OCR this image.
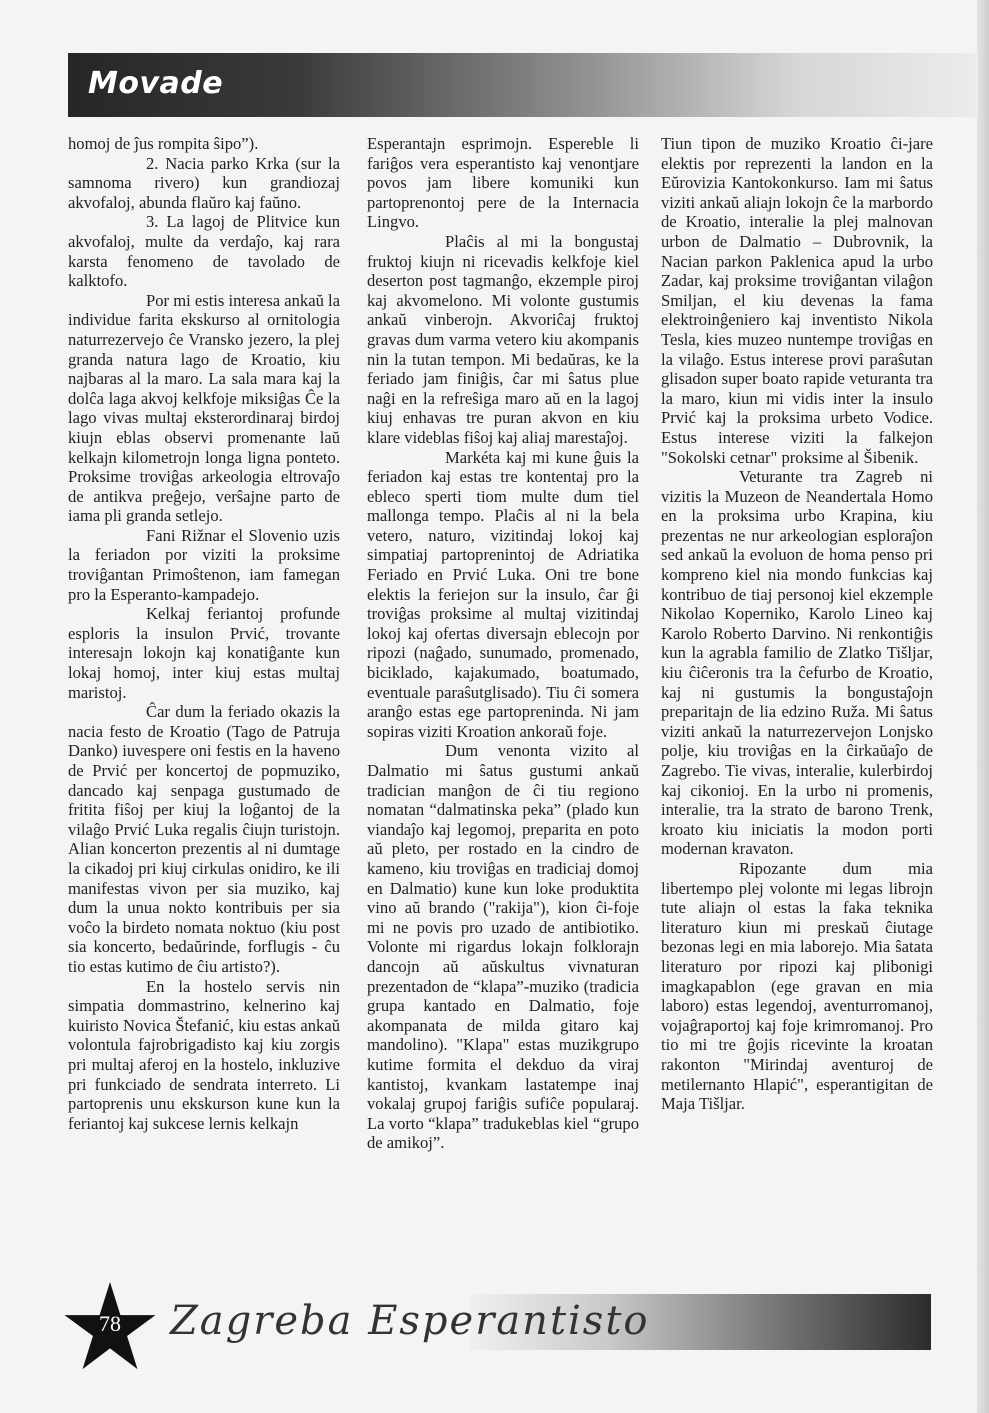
Movade

homoj de ĵus rompita ŝipo”).

2. Nacia parko Krka (sur la samnoma rivero) kun grandiozaj akvofaloj, abunda flaŭro kaj faŭno.

3. La lagoj de Plitvice kun akvofaloj, multe da verdaĵo, kaj rara karsta fenomeno de tavolado de kalktofo.

Por mi estis interesa ankaŭ la individue farita ekskurso al ornitologia naturrezervejo ĉe Vransko jezero, la plej granda natura lago de Kroatio, kiu najbaras al la maro. La sala mara kaj la dolĉa laga akvoj kelkfoje miksiĝas Ĉe la lago vivas multaj eksterordinaraj birdoj kiujn eblas observi promenante laŭ kelkajn kilometrojn longa ligna ponteto. Proksime troviĝas arkeologia eltrovaĵo de antikva preĝejo, verŝajne parto de iama pli granda setlejo.

Fani Rižnar el Slovenio uzis la feriadon por viziti la proksime troviĝantan Primoŝtenon, iam famegan pro la Esperanto-kampadejo.

Kelkaj feriantoj profunde esploris la insulon Prvić, trovante interesajn lokojn kaj konatiĝante kun lokaj homoj, inter kiuj estas multaj maristoj.

Ĉar dum la feriado okazis la nacia festo de Kroatio (Tago de Patruja Danko) iuvespere oni festis en la haveno de Prvić per koncertoj de popmuziko, dancado kaj senpaga gustumado de fritita fiŝoj per kiuj la loĝantoj de la vilaĝo Prvić Luka regalis ĉiujn turistojn. Alian koncerton prezentis al ni dumtage la cikadoj pri kiuj cirkulas onidiro, ke ili manifestas vivon per sia muziko, kaj dum la unua nokto kontribuis per sia voĉo la birdeto nomata noktuo (kiu post sia koncerto, bedaŭrinde, forflugis - ĉu tio estas kutimo de ĉiu artisto?).

En la hostelo servis nin simpatia dommastrino, kelnerino kaj kuiristo Novica Štefanić, kiu estas ankaŭ volontula fajrobrigadisto kaj kiu zorgis pri multaj aferoj en la hostelo, inkluzive pri funkciado de sendrata interreto. Li partoprenis unu ekskurson kune kun la feriantoj kaj sukcese lernis kelkajn

Esperantajn esprimojn. Espereble li fariĝos vera esperantisto kaj venontjare povos jam libere komuniki kun partoprenontoj pere de la Internacia Lingvo.

Plaĉis al mi la bongustaj fruktoj kiujn ni ricevadis kelkfoje kiel deserton post tagmanĝo, ekzemple piroj kaj akvomelono. Mi volonte gustumis ankaŭ vinberojn. Akvoriĉaj fruktoj gravas dum varma vetero kiu akompanis nin la tutan tempon. Mi bedaŭras, ke la feriado jam finiĝis, ĉar mi ŝatus plue naĝi en la refreŝiga maro aŭ en la lagoj kiuj enhavas tre puran akvon en kiu klare videblas fiŝoj kaj aliaj marestaĵoj.

Markéta kaj mi kune ĝuis la feriadon kaj estas tre kontentaj pro la ebleco sperti tiom multe dum tiel mallonga tempo. Plaĉis al ni la bela vetero, naturo, vizitindaj lokoj kaj simpatiaj partoprenintoj de Adriatika Feriado en Prvić Luka. Oni tre bone elektis la feriejon sur la insulo, ĉar ĝi troviĝas proksime al multaj vizitindaj lokoj kaj ofertas diversajn eblecojn por ripozi (naĝado, sunumado, promenado, biciklado, kajakumado, boatumado, eventuale paraŝutglisado). Tiu ĉi somera aranĝo estas ege partopreninda. Ni jam sopiras viziti Kroation ankoraŭ foje.

Dum venonta vizito al Dalmatio mi ŝatus gustumi ankaŭ tradician manĝon de ĉi tiu regiono nomatan “dalmatinska peka” (plado kun viandaĵo kaj legomoj, preparita en poto aŭ pleto, per rostado en la cindro de kameno, kiu troviĝas en tradiciaj domoj en Dalmatio) kune kun loke produktita vino aŭ brando ("rakija"), kion ĉi-foje mi ne povis pro uzado de antibiotiko. Volonte mi rigardus lokajn folklorajn dancojn aŭ aŭskultus vivnaturan prezentadon de “klapa”-muziko (tradicia grupa kantado en Dalmatio, foje akompanata de milda gitaro kaj mandolino). "Klapa" estas muzikgrupo kutime formita el dekduo da viraj kantistoj, kvankam lastatempe inaj vokalaj grupoj fariĝis sufiĉe popularaj. La vorto “klapa” tradukeblas kiel “grupo de amikoj”.

Tiun tipon de muziko Kroatio ĉi-jare elektis por reprezenti la landon en la Eŭrovizia Kantokonkurso. Iam mi ŝatus viziti ankaŭ aliajn lokojn ĉe la marbordo de Kroatio, interalie la plej malnovan urbon de Dalmatio – Dubrovnik, la Nacian parkon Paklenica apud la urbo Zadar, kaj proksime troviĝantan vilaĝon Smiljan, el kiu devenas la fama elektroinĝeniero kaj inventisto Nikola Tesla, kies muzeo nuntempe troviĝas en la vilaĝo. Estus interese provi paraŝutan glisadon super boato rapide veturanta tra la maro, kiun mi vidis inter la insulo Prvić kaj la proksima urbeto Vodice. Estus interese viziti la falkejon "Sokolski cetnar" proksime al Šibenik.

Veturante tra Zagreb ni vizitis la Muzeon de Neandertala Homo en la proksima urbo Krapina, kiu prezentas ne nur arkeologian esploraĵon sed ankaŭ la evoluon de homa penso pri kompreno kiel nia mondo funkcias kaj kontribuo de tiaj personoj kiel ekzemple Nikolao Koperniko, Karolo Lineo kaj Karolo Roberto Darvino. Ni renkontiĝis kun la agrabla familio de Zlatko Tišljar, kiu ĉiĉeronis tra la ĉefurbo de Kroatio, kaj ni gustumis la bongustaĵojn preparitajn de lia edzino Ruža. Mi ŝatus viziti ankaŭ la naturrezervejon Lonjsko polje, kiu troviĝas en la ĉirkaŭaĵo de Zagrebo. Tie vivas, interalie, kulerbirdoj kaj cikonioj. En la urbo ni promenis, interalie, tra la strato de barono Trenk, kroato kiu iniciatis la modon porti modernan kravaton.

Ripozante dum mia libertempo plej volonte mi legas librojn tute aliajn ol estas la faka teknika literaturo kiun mi preskaŭ ĉiutage bezonas legi en mia laborejo. Mia ŝatata literaturo por ripozi kaj plibonigi imagkapablon (ege gravan en mia laboro) estas legendoj, aventurromanoj, vojaĝraportoj kaj foje krimromanoj. Pro tio mi tre ĝojis ricevinte la kroatan rakonton "Mirindaj aventuroj de metilernanto Hlapić", esperantigitan de Maja Tišljar.

78 Zagreba Esperantisto
